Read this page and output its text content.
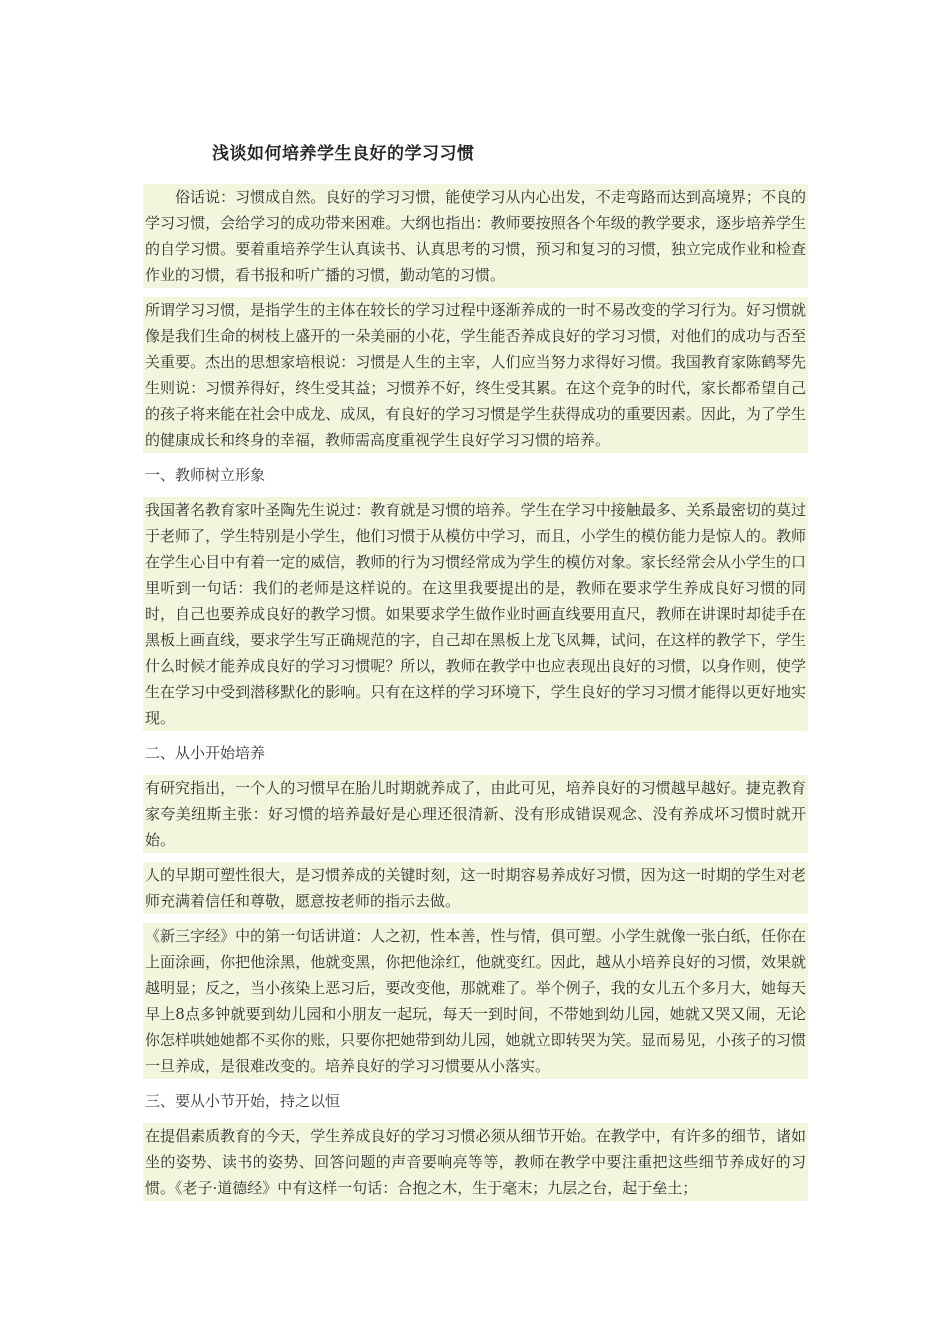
浅谈如何培养学生良好的学习习惯

俗话说：习惯成自然。良好的学习习惯，能使学习从内心出发，不走弯路而达到高境界；不良的学习习惯，会给学习的成功带来困难。大纲也指出：教师要按照各个年级的教学要求，逐步培养学生的自学习惯。要着重培养学生认真读书、认真思考的习惯，预习和复习的习惯，独立完成作业和检查作业的习惯，看书报和听广播的习惯，勤动笔的习惯。

所谓学习习惯，是指学生的主体在较长的学习过程中逐渐养成的一时不易改变的学习行为。好习惯就像是我们生命的树枝上盛开的一朵美丽的小花，学生能否养成良好的学习习惯，对他们的成功与否至关重要。杰出的思想家培根说：习惯是人生的主宰，人们应当努力求得好习惯。我国教育家陈鹤琴先生则说：习惯养得好，终生受其益；习惯养不好，终生受其累。在这个竞争的时代，家长都希望自己的孩子将来能在社会中成龙、成凤，有良好的学习习惯是学生获得成功的重要因素。因此，为了学生的健康成长和终身的幸福，教师需高度重视学生良好学习习惯的培养。

一、教师树立形象

我国著名教育家叶圣陶先生说过：教育就是习惯的培养。学生在学习中接触最多、关系最密切的莫过于老师了，学生特别是小学生，他们习惯于从模仿中学习，而且，小学生的模仿能力是惊人的。教师在学生心目中有着一定的威信，教师的行为习惯经常成为学生的模仿对象。家长经常会从小学生的口里听到一句话：我们的老师是这样说的。在这里我要提出的是，教师在要求学生养成良好习惯的同时，自己也要养成良好的教学习惯。如果要求学生做作业时画直线要用直尺，教师在讲课时却徒手在黑板上画直线，要求学生写正确规范的字，自己却在黑板上龙飞凤舞，试问，在这样的教学下，学生什么时候才能养成良好的学习习惯呢？所以，教师在教学中也应表现出良好的习惯，以身作则，使学生在学习中受到潜移默化的影响。只有在这样的学习环境下，学生良好的学习习惯才能得以更好地实现。

二、从小开始培养

有研究指出，一个人的习惯早在胎儿时期就养成了，由此可见，培养良好的习惯越早越好。捷克教育家夸美纽斯主张：好习惯的培养最好是心理还很清新、没有形成错误观念、没有养成坏习惯时就开始。

人的早期可塑性很大，是习惯养成的关键时刻，这一时期容易养成好习惯，因为这一时期的学生对老师充满着信任和尊敬，愿意按老师的指示去做。

《新三字经》中的第一句话讲道：人之初，性本善，性与情，俱可塑。小学生就像一张白纸，任你在上面涂画，你把他涂黑，他就变黑，你把他涂红，他就变红。因此，越从小培养良好的习惯，效果就越明显；反之，当小孩染上恶习后，要改变他，那就难了。举个例子，我的女儿五个多月大，她每天早上8点多钟就要到幼儿园和小朋友一起玩，每天一到时间，不带她到幼儿园，她就又哭又闹，无论你怎样哄她她都不买你的账，只要你把她带到幼儿园，她就立即转哭为笑。显而易见，小孩子的习惯一旦养成，是很难改变的。培养良好的学习习惯要从小落实。

三、要从小节开始，持之以恒

在提倡素质教育的今天，学生养成良好的学习习惯必须从细节开始。在教学中，有许多的细节，诸如坐的姿势、读书的姿势、回答问题的声音要响亮等等，教师在教学中要注重把这些细节养成好的习惯。《老子·道德经》中有这样一句话：合抱之木，生于毫末；九层之台，起于垒土；
